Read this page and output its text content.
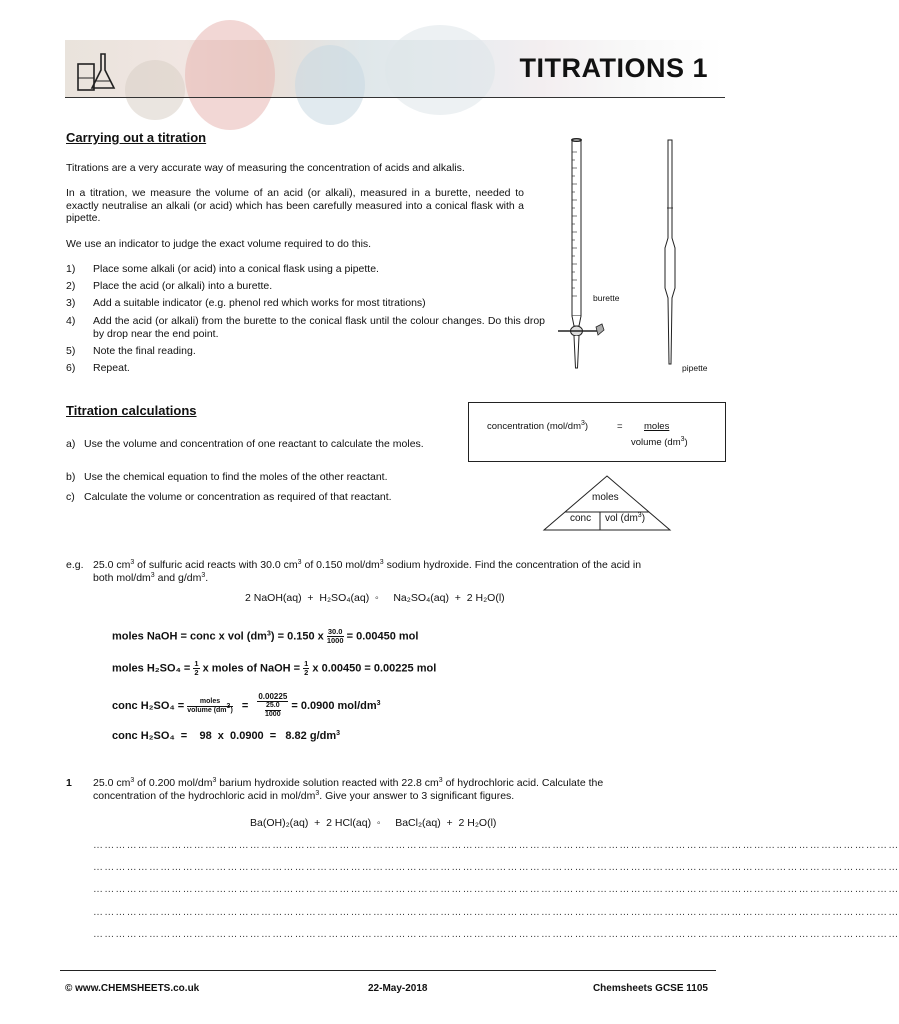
TITRATIONS 1
Carrying out a titration

Titrations are a very accurate way of measuring the concentration of acids and alkalis.

In a titration, we measure the volume of an acid (or alkali), measured in a burette, needed to exactly neutralise an alkali (or acid) which has been carefully measured into a conical flask with a pipette.

We use an indicator to judge the exact volume required to do this.

1) Place some alkali (or acid) into a conical flask using a pipette.
2) Place the acid (or alkali) into a burette.
3) Add a suitable indicator (e.g. phenol red which works for most titrations)
4) Add the acid (or alkali) from the burette to the conical flask until the colour changes. Do this drop by drop near the end point.
5) Note the final reading.
6) Repeat.
burette
pipette
Titration calculations
a) Use the volume and concentration of one reactant to calculate the moles.
b) Use the chemical equation to find the moles of the other reactant.
c) Calculate the volume or concentration as required of that reactant.
concentration $(mol/dm^3)$	= moles
volume $(dm^3)$
moles
conc vol $(dm^3)$
e.g. 25.0 $cm^3$ of sulfuric acid reacts with 30.0 $cm^3$ of 0.150 mol/$dm^3$ sodium hydroxide. Find the concentration of the acid in
both mol/$dm^3$ and $g/dm^3$.
2 NaOH(aq)  +  H₂SO₄(aq)  ◦     Na₂SO₄(aq)  +  2 H₂O(l)
moles NaOH = conc x vol $(dm^3) = 0.150$ x $\frac{30.0}{1000} = 0.00450$ mol
moles $H_2SO_4 = \frac{1}{2}$ x moles of NaOH = $\frac{1}{2}$ x 0.00450 = 0.00225 mol
conc $H_2SO_4 = \frac{\text{moles}}{volume (dm^3)} = \frac{0.00225}{\frac{25.0}{1000}} = 0.0900$ mol/$dm^3$
conc H₂SO₄  =    98  x  0.0900  =   8.82 $g/dm^3$
1 25.0 $cm^3$ of 0.200 mol/$dm^3$ barium hydroxide solution reacted with 22.8 $cm^3$ of hydrochloric acid. Calculate the
concentration of the hydrochloric acid in mol/$dm^3$. Give your answer to 3 significant figures.
Ba(OH)₂(aq)  +  2 HCl(aq)  ◦     BaCl₂(aq)  +  2 H₂O(l)
………………………………………………………………………………………………………………………………………………………………………………………………
………………………………………………………………………………………………………………………………………………………………………………………………
………………………………………………………………………………………………………………………………………………………………………………………………
………………………………………………………………………………………………………………………………………………………………………………………………
………………………………………………………………………………………………………………………………………………………………………………………………
© www.CHEMSHEETS.co.uk	22-May-2018	Chemsheets GCSE 1105
